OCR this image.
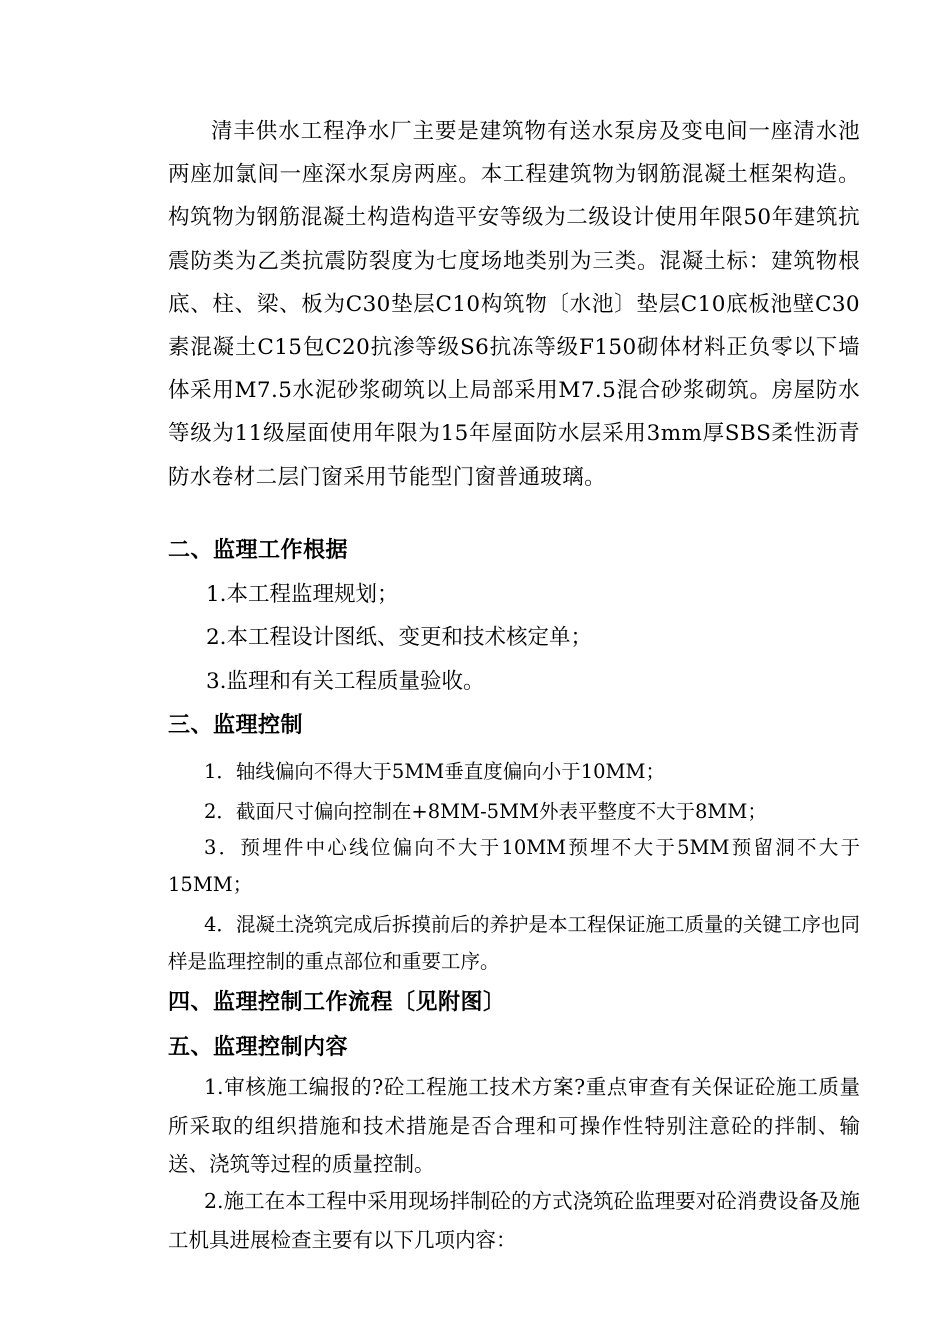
清丰供水工程净水厂主要是建筑物有送水泵房及变电间一座清水池两座加氯间一座深水泵房两座。本工程建筑物为钢筋混凝土框架构造。构筑物为钢筋混凝土构造构造平安等级为二级设计使用年限50年建筑抗震防类为乙类抗震防裂度为七度场地类别为三类。混凝土标：建筑物根底、柱、梁、板为C30垫层C10构筑物〔水池〕垫层C10底板池壁C30素混凝土C15包C20抗渗等级S6抗冻等级F150砌体材料正负零以下墙体采用M7.5水泥砂浆砌筑以上局部采用M7.5混合砂浆砌筑。房屋防水等级为11级屋面使用年限为15年屋面防水层采用3mm厚SBS柔性沥青防水卷材二层门窗采用节能型门窗普通玻璃。
二、监理工作根据
1.本工程监理规划；
2.本工程设计图纸、变更和技术核定单；
3.监理和有关工程质量验收。
三、监理控制
1．轴线偏向不得大于5MM垂直度偏向小于10MM；
2．截面尺寸偏向控制在+8MM-5MM外表平整度不大于8MM；
3．预埋件中心线位偏向不大于10MM预埋不大于5MM预留洞不大于15MM；
4．混凝土浇筑完成后拆摸前后的养护是本工程保证施工质量的关键工序也同样是监理控制的重点部位和重要工序。
四、监理控制工作流程〔见附图〕
五、监理控制内容
1.审核施工编报的?砼工程施工技术方案?重点审查有关保证砼施工质量所采取的组织措施和技术措施是否合理和可操作性特别注意砼的拌制、输送、浇筑等过程的质量控制。
2.施工在本工程中采用现场拌制砼的方式浇筑砼监理要对砼消费设备及施工机具进展检查主要有以下几项内容：
